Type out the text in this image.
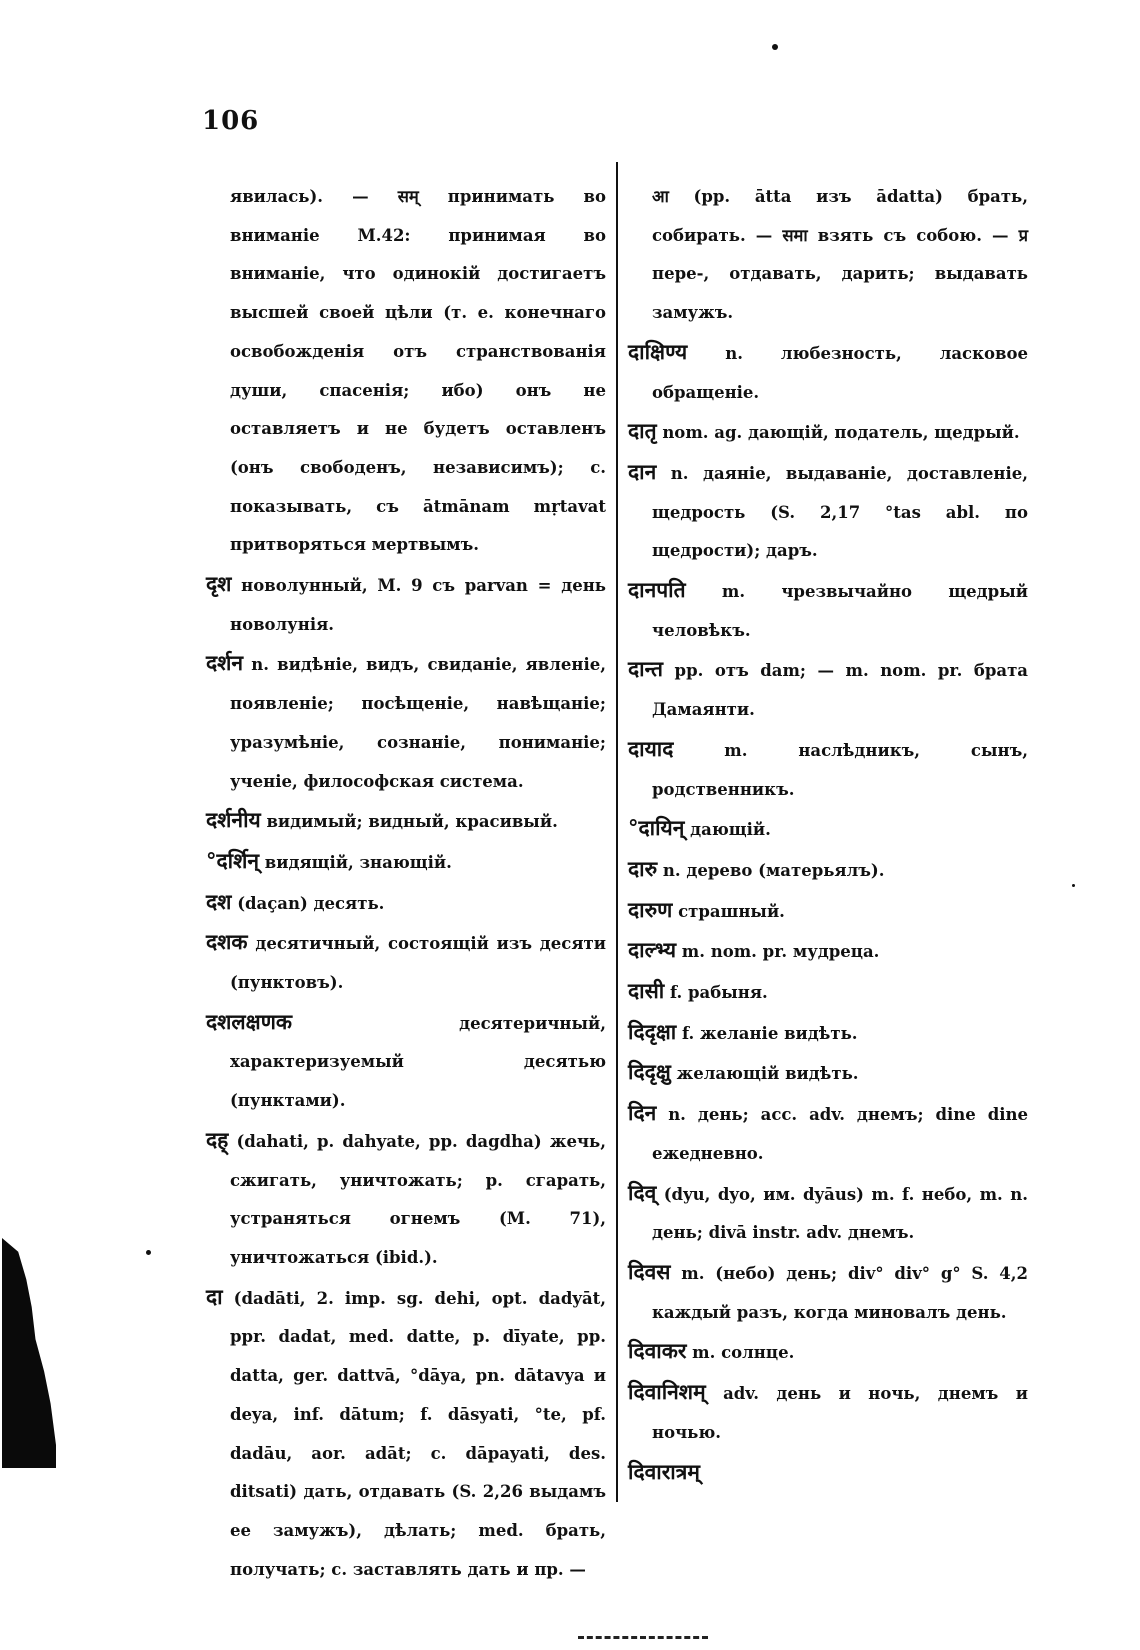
106

явилась). — सम् принимать во вниманіе M.42: принимая во вниманіе, что одинокій достигаетъ высшей своей цѣли (т. е. конечнаго освобожденія отъ странствованія души, спасенія; ибо) онъ не оставляетъ и не будетъ оставленъ (онъ свободенъ, независимъ); c. показывать, съ ātmānam mṛtavat притворяться мертвымъ.

दृश новолунный, M. 9 съ parvan = день новолунія.

दर्शन n. видѣніе, видъ, свиданіе, явленіе, появленіе; посѣщеніе, навѣщаніе; уразумѣніе, сознаніе, пониманіе; ученіе, философская система.

दर्शनीय видимый; видный, красивый.

°दर्शिन् видящій, знающій.

दश (daçan) десять.

दशक десятичный, состоящій изъ десяти (пунктовъ).

दशलक्षणक	десятеричный, характеризуемый десятью (пунктами).

दह् (dahati, p. dahyate, pp. dagdha) жечь, сжигать, уничтожать; p. сгарать, устраняться огнемъ (M. 71), уничтожаться (ibid.).

दा (dadāti, 2. imp. sg. dehi, opt. dadyāt, ppr. dadat, med. datte, p. dīyate, pp. datta, ger. dattvā, °dāya, pn. dātavya и deya, inf. dātum; f. dāsyati, °te, pf. dadāu, aor. adāt; c. dāpayati, des. ditsati) дать, отдавать (S. 2,26 выдамъ ее замужъ), дѣлать; med. брать, получать; c. заставлять дать и пр. —

आ (pp. ātta изъ ādatta) брать, собирать. — समा взять съ собою. — प्र пере-, отдавать, дарить; выдавать замужъ.

दाक्षिण्य n. любезность, ласковое обращеніе.

दातृ nom. ag. дающій, податель, щедрый.

दान n. даяніе, выдаваніе, доставленіе, щедрость (S. 2,17 °tas abl. по щедрости); даръ.

दानपति m. чрезвычайно щедрый человѣкъ.

दान्त pp. отъ dam; — m. nom. pr. брата Дамаянти.

दायाद	m. наслѣдникъ, сынъ, родственникъ.

°दायिन् дающій.

दारु n. дерево (матерьялъ).

दारुण страшный.

दाल्भ्य m. nom. pr. мудреца.

दासी f. рабыня.

दिदृक्षा f. желаніе видѣть.

दिदृक्षु желающій видѣть.

दिन n. день; acc. adv. днемъ; dine dine ежедневно.

दिव् (dyu, dyo, им. dyāus) m. f. небо, m. n. день; divā instr. adv. днемъ.

दिवस m. (небо) день; div° div° g° S. 4,2 каждый разъ, когда миновалъ день.

दिवाकर m. солнце.

दिवानिशम् adv. день и ночь, днемъ и ночью.

दिवारात्रम्
